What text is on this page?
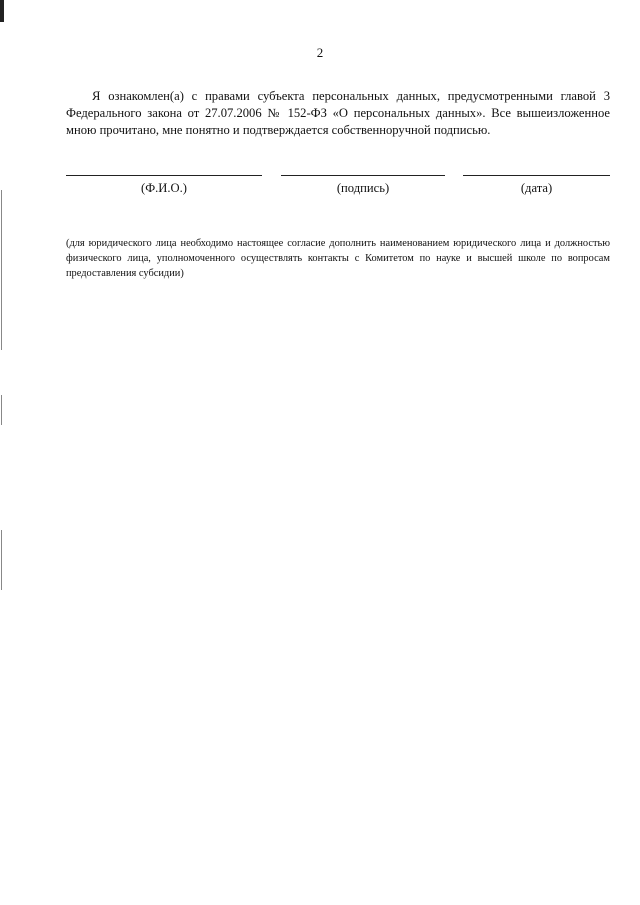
2

Я ознакомлен(а) с правами субъекта персональных данных, предусмотренными главой 3 Федерального закона от 27.07.2006 № 152-ФЗ «О персональных данных». Все вышеизложенное мною прочитано, мне понятно и подтверждается собственноручной подписью.

(Ф.И.О.)	(подпись)	(дата)

(для юридического лица необходимо настоящее согласие дополнить наименованием юридического лица и должностью физического лица, уполномоченного осуществлять контакты с Комитетом по науке и высшей школе по вопросам предоставления субсидии)
